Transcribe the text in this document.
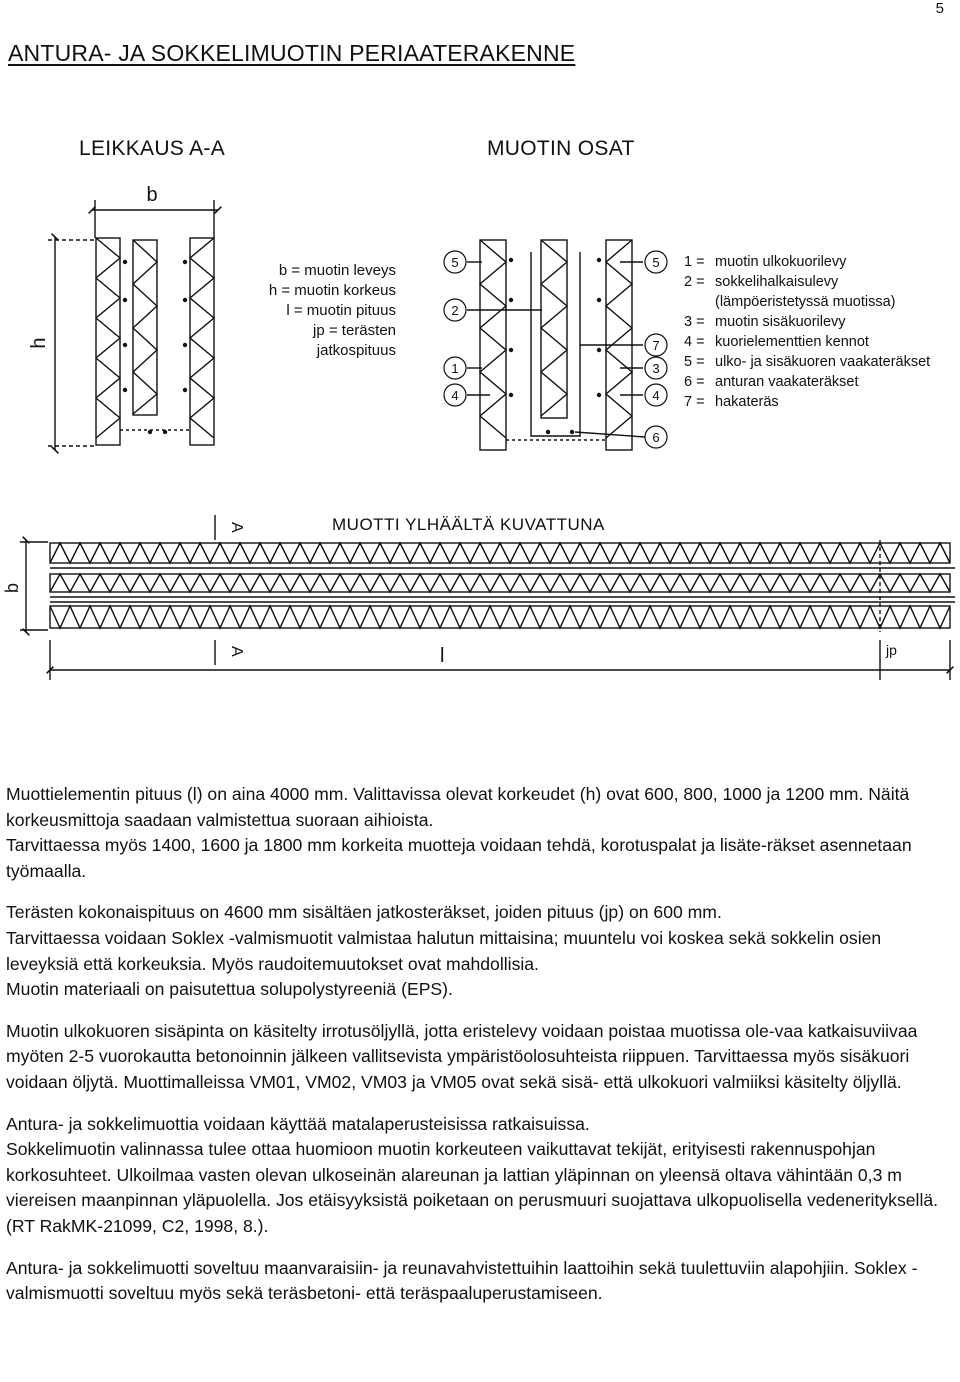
5
ANTURA- JA SOKKELIMUOTIN PERIAATERAKENNE
LEIKKAUS A-A	MUOTIN OSAT
b = muotin leveys
h = muotin korkeus
l = muotin pituus
jp = terästen
jatkospituus
1 = muotin ulkokuorilevy
2 = sokkelihalkaisulevy
(lämpöeristetyssä muotissa)
3 = muotin sisäkuorilevy
4 = kuorielementtien kennot
5 = ulko- ja sisäkuoren vaakateräkset
6 = anturan vaakateräkset
7 = hakateräs
b
h
5
2
1
4
5
7
3
4
6
MUOTTI YLHÄÄLTÄ KUVATTUNA
A
A
b
l	jp

Muottielementin pituus (l) on aina 4000 mm. Valittavissa olevat korkeudet (h) ovat 600, 800, 1000 ja 1200 mm. Näitä korkeusmittoja saadaan valmistettua suoraan aihioista.

Tarvittaessa myös 1400, 1600 ja 1800 mm korkeita muotteja voidaan tehdä, korotuspalat ja lisäte-räkset asennetaan työmaalla.

Terästen kokonaispituus on 4600 mm sisältäen jatkosteräkset, joiden pituus (jp) on 600 mm.

Tarvittaessa voidaan Soklex -valmismuotit valmistaa halutun mittaisina; muuntelu voi koskea sekä sokkelin osien leveyksiä että korkeuksia. Myös raudoitemuutokset ovat mahdollisia.

Muotin materiaali on paisutettua solupolystyreeniä (EPS).

Muotin ulkokuoren sisäpinta on käsitelty irrotusöljyllä, jotta eristelevy voidaan poistaa muotissa ole-vaa katkaisuviivaa myöten 2-5 vuorokautta betonoinnin jälkeen vallitsevista ympäristöolosuhteista riippuen. Tarvittaessa myös sisäkuori voidaan öljytä. Muottimalleissa VM01, VM02, VM03 ja VM05 ovat sekä sisä- että ulkokuori valmiiksi käsitelty öljyllä.

Antura- ja sokkelimuottia voidaan käyttää matalaperusteisissa ratkaisuissa.

Sokkelimuotin valinnassa tulee ottaa huomioon muotin korkeuteen vaikuttavat tekijät, erityisesti rakennuspohjan korkosuhteet. Ulkoilmaa vasten olevan ulkoseinän alareunan ja lattian yläpinnan on yleensä oltava vähintään 0,3 m viereisen maanpinnan yläpuolella. Jos etäisyyksistä poiketaan on perusmuuri suojattava ulkopuolisella vedenerityksellä. (RT RakMK-21099, C2, 1998, 8.).

Antura- ja sokkelimuotti soveltuu maanvaraisiin- ja reunavahvistettuihin laattoihin sekä tuulettuviin alapohjiin. Soklex -valmismuotti soveltuu myös sekä teräsbetoni- että teräspaaluperustamiseen.
